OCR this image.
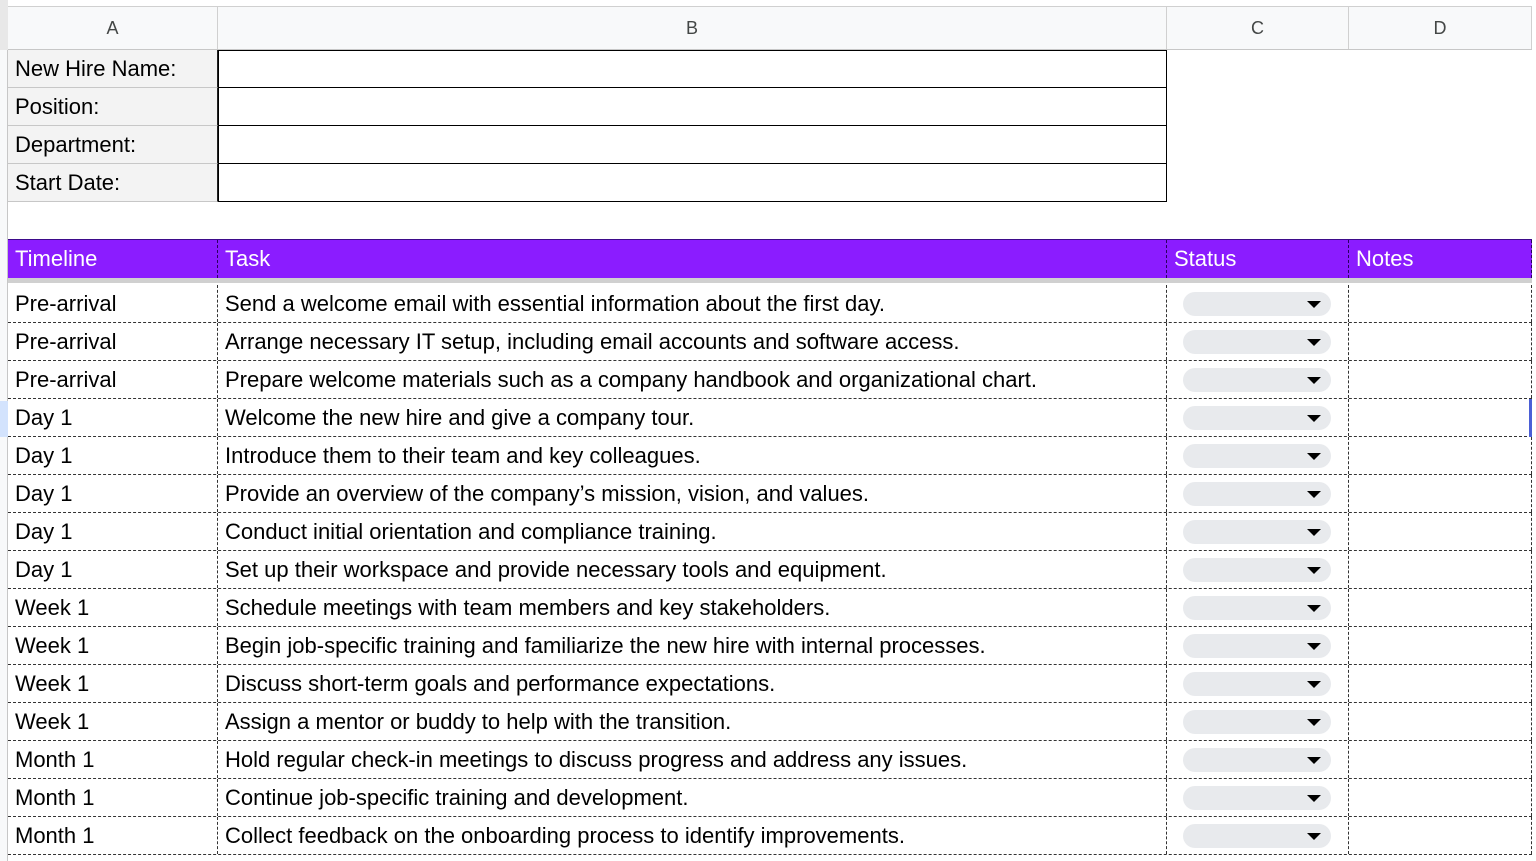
A	B	C	D
New Hire Name:
Position:
Department:
Start Date:
Timeline	Task	Status	Notes
Pre-arrival	Send a welcome email with essential information about the first day.
Pre-arrival	Arrange necessary IT setup, including email accounts and software access.
Pre-arrival	Prepare welcome materials such as a company handbook and organizational chart.
Day 1	Welcome the new hire and give a company tour.
Day 1	Introduce them to their team and key colleagues.
Day 1	Provide an overview of the company’s mission, vision, and values.
Day 1	Conduct initial orientation and compliance training.
Day 1	Set up their workspace and provide necessary tools and equipment.
Week 1	Schedule meetings with team members and key stakeholders.
Week 1	Begin job-specific training and familiarize the new hire with internal processes.
Week 1	Discuss short-term goals and performance expectations.
Week 1	Assign a mentor or buddy to help with the transition.
Month 1	Hold regular check-in meetings to discuss progress and address any issues.
Month 1	Continue job-specific training and development.
Month 1	Collect feedback on the onboarding process to identify improvements.
